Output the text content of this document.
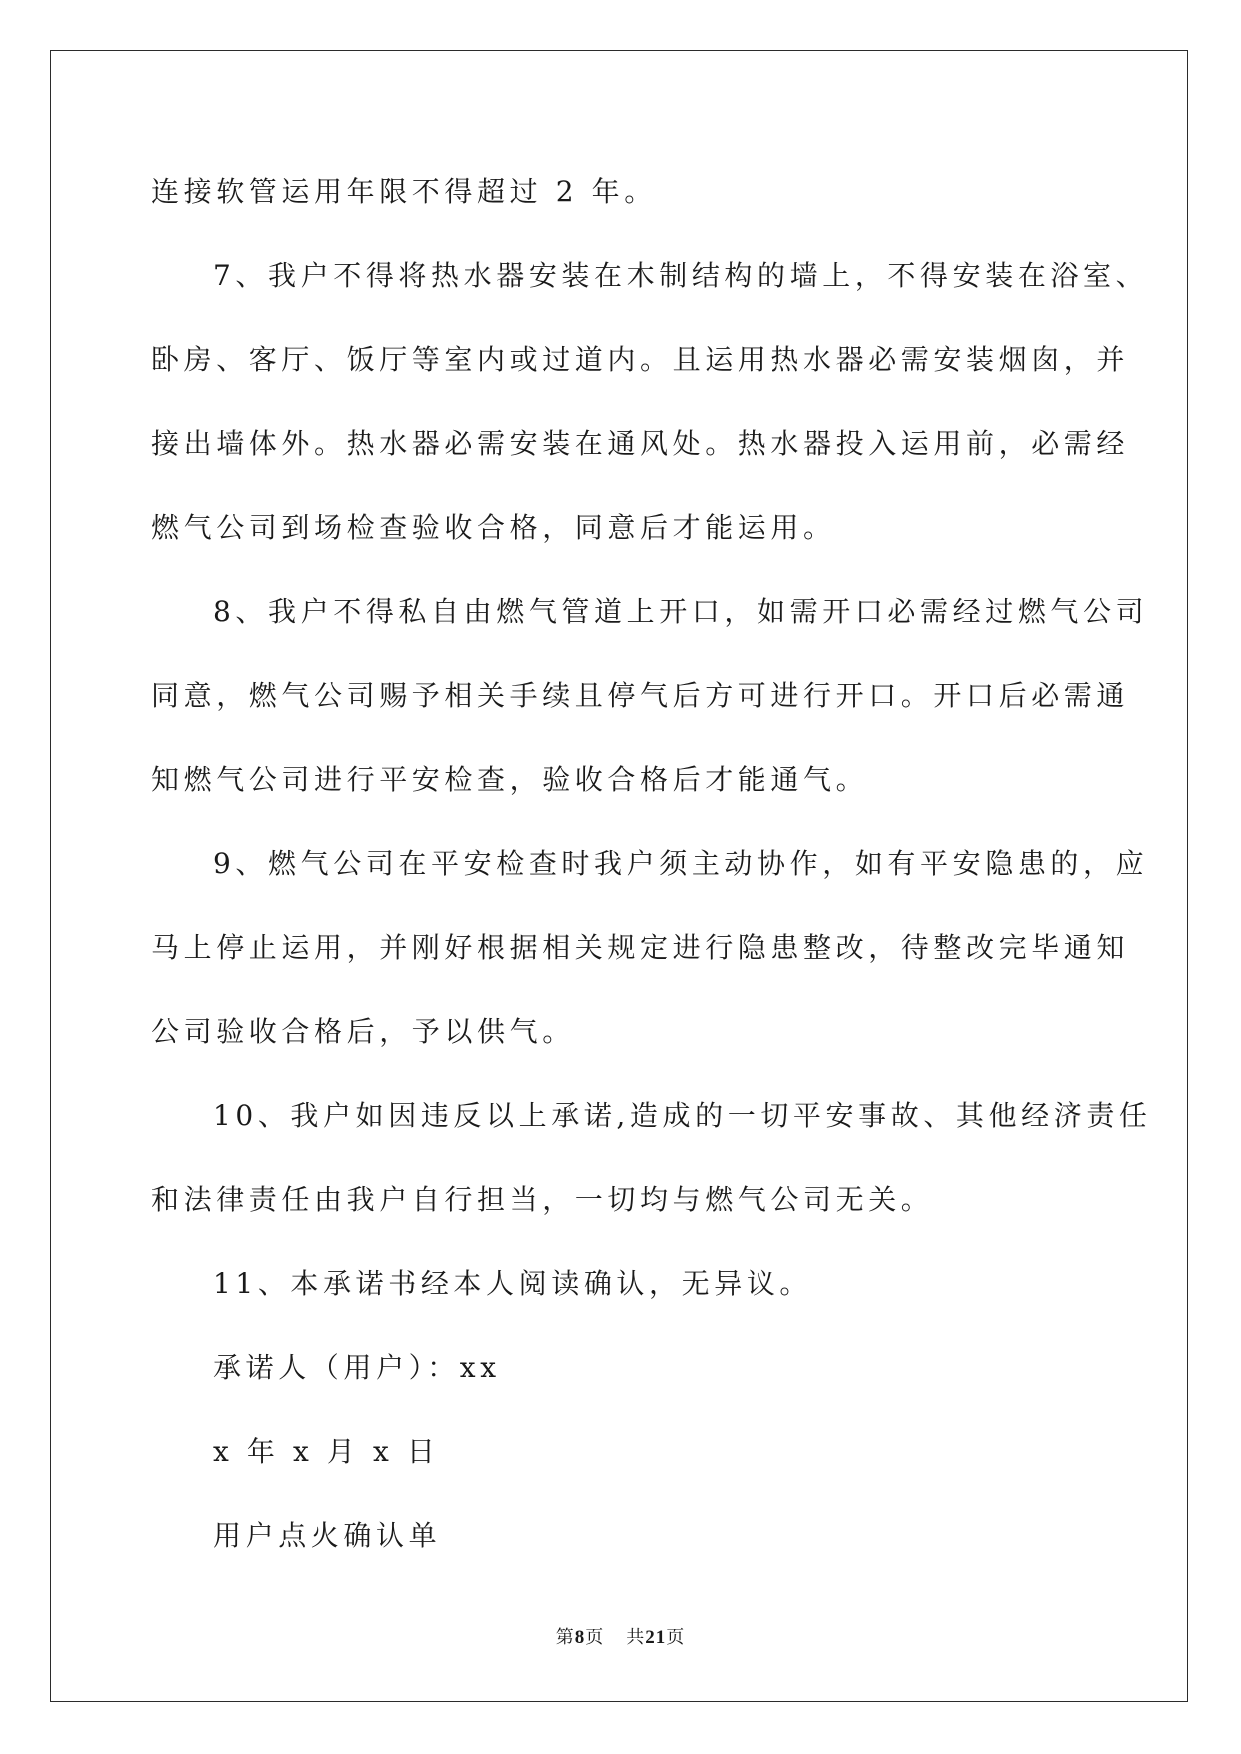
连接软管运用年限不得超过 2 年。
7、我户不得将热水器安装在木制结构的墙上，不得安装在浴室、
卧房、客厅、饭厅等室内或过道内。且运用热水器必需安装烟囱，并
接出墙体外。热水器必需安装在通风处。热水器投入运用前，必需经
燃气公司到场检查验收合格，同意后才能运用。
8、我户不得私自由燃气管道上开口，如需开口必需经过燃气公司
同意，燃气公司赐予相关手续且停气后方可进行开口。开口后必需通
知燃气公司进行平安检查，验收合格后才能通气。
9、燃气公司在平安检查时我户须主动协作，如有平安隐患的，应
马上停止运用，并刚好根据相关规定进行隐患整改，待整改完毕通知
公司验收合格后，予以供气。
10、我户如因违反以上承诺,造成的一切平安事故、其他经济责任
和法律责任由我户自行担当，一切均与燃气公司无关。
11、本承诺书经本人阅读确认，无异议。
承诺人（用户）：xx
x 年 x 月 x 日
用户点火确认单
第8页 共21页
